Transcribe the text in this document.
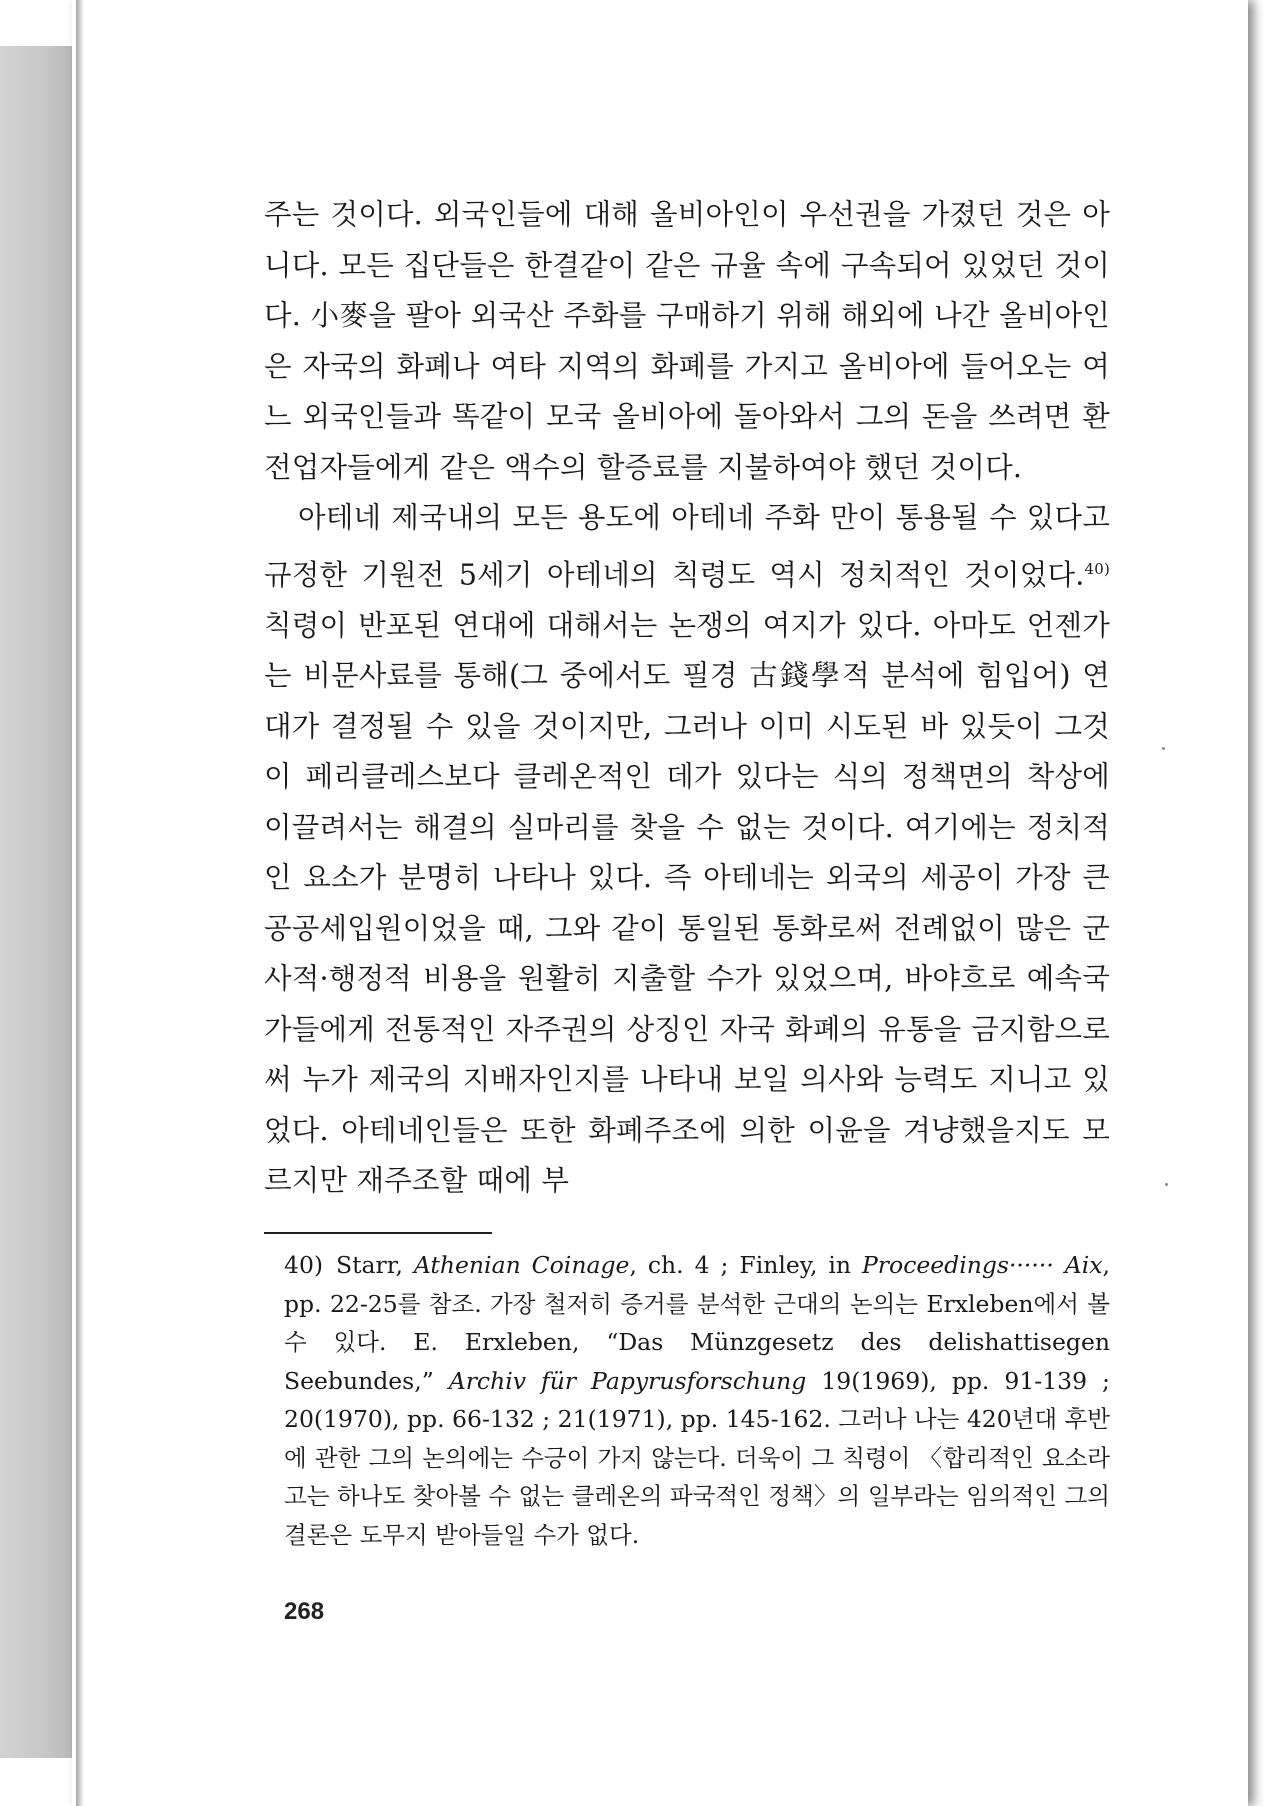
주는 것이다. 외국인들에 대해 올비아인이 우선권을 가졌던 것은 아니다. 모든 집단들은 한결같이 같은 규율 속에 구속되어 있었던 것이다. 小麥을 팔아 외국산 주화를 구매하기 위해 해외에 나간 올비아인은 자국의 화폐나 여타 지역의 화폐를 가지고 올비아에 들어오는 여느 외국인들과 똑같이 모국 올비아에 돌아와서 그의 돈을 쓰려면 환전업자들에게 같은 액수의 할증료를 지불하여야 했던 것이다.

아테네 제국내의 모든 용도에 아테네 주화 만이 통용될 수 있다고 규정한 기원전 5세기 아테네의 칙령도 역시 정치적인 것이었다.$^{40)}$ 칙령이 반포된 연대에 대해서는 논쟁의 여지가 있다. 아마도 언젠가는 비문사료를 통해(그 중에서도 필경 古錢學적 분석에 힘입어) 연대가 결정될 수 있을 것이지만, 그러나 이미 시도된 바 있듯이 그것이 페리클레스보다 클레온적인 데가 있다는 식의 정책면의 착상에 이끌려서는 해결의 실마리를 찾을 수 없는 것이다. 여기에는 정치적인 요소가 분명히 나타나 있다. 즉 아테네는 외국의 세공이 가장 큰 공공세입원이었을 때, 그와 같이 통일된 통화로써 전례없이 많은 군사적·행정적 비용을 원활히 지출할 수가 있었으며, 바야흐로 예속국가들에게 전통적인 자주권의 상징인 자국 화폐의 유통을 금지함으로써 누가 제국의 지배자인지를 나타내 보일 의사와 능력도 지니고 있었다. 아테네인들은 또한 화폐주조에 의한 이윤을 겨냥했을지도 모르지만 재주조할 때에 부

40) Starr, Athenian Coinage, ch. 4 ; Finley, in Proceedings······ Aix, pp. 22-25를 참조. 가장 철저히 증거를 분석한 근대의 논의는 Erxleben에서 볼 수 있다. E. Erxleben, “Das Münzgesetz des delishattisegen Seebundes,” Archiv für Papyrusforschung 19(1969), pp. 91-139 ; 20(1970), pp. 66-132 ; 21(1971), pp. 145-162. 그러나 나는 420년대 후반에 관한 그의 논의에는 수긍이 가지 않는다. 더욱이 그 칙령이 〈합리적인 요소라고는 하나도 찾아볼 수 없는 클레온의 파국적인 정책〉의 일부라는 임의적인 그의 결론은 도무지 받아들일 수가 없다.
268
